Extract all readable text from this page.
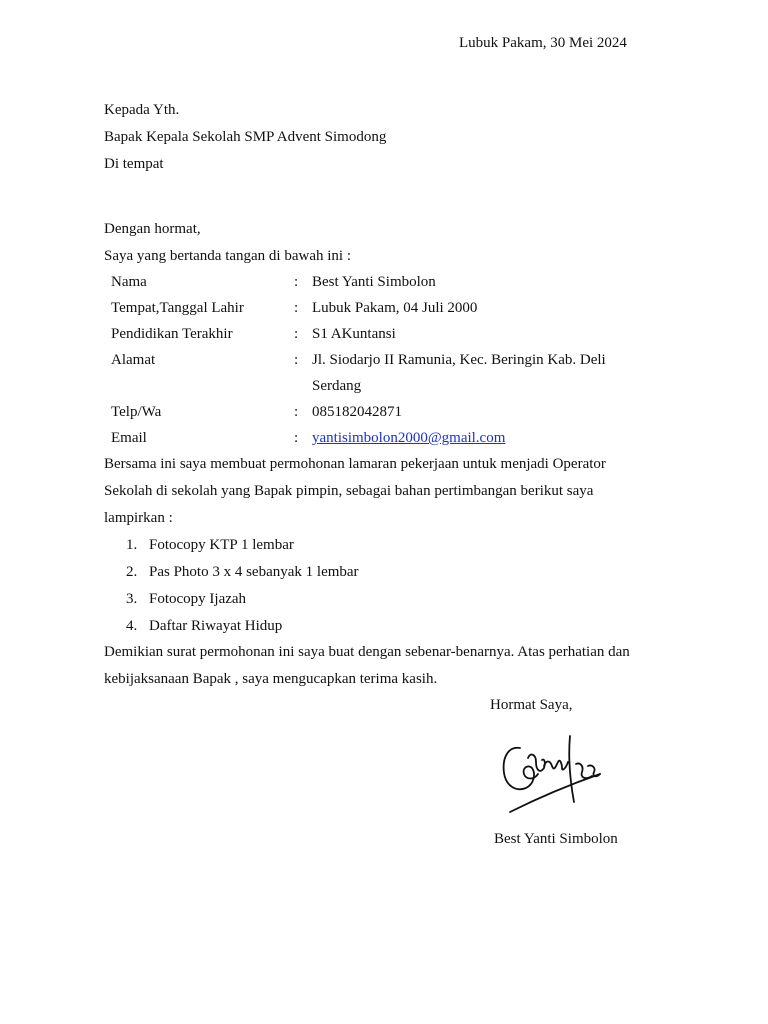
Lubuk Pakam, 30 Mei 2024
Kepada Yth.
Bapak Kepala Sekolah SMP Advent Simodong
Di tempat
Dengan hormat,
Saya yang bertanda tangan di bawah ini :
Nama	: Best Yanti Simbolon
Tempat,Tanggal Lahir	: Lubuk Pakam, 04 Juli 2000
Pendidikan Terakhir	: S1 AKuntansi
Alamat	: Jl. Siodarjo II Ramunia, Kec. Beringin Kab. Deli Serdang
Telp/Wa	: 085182042871
Email	: yantisimbolon2000@gmail.com
Bersama ini saya membuat permohonan lamaran pekerjaan untuk menjadi Operator Sekolah di sekolah yang Bapak pimpin, sebagai bahan pertimbangan berikut saya lampirkan :
1. Fotocopy KTP 1 lembar
2. Pas Photo 3 x 4 sebanyak 1 lembar
3. Fotocopy Ijazah
4. Daftar Riwayat Hidup
Demikian surat permohonan ini saya buat dengan sebenar-benarnya. Atas perhatian dan kebijaksanaan Bapak , saya mengucapkan terima kasih.
Hormat Saya,
Best Yanti Simbolon
